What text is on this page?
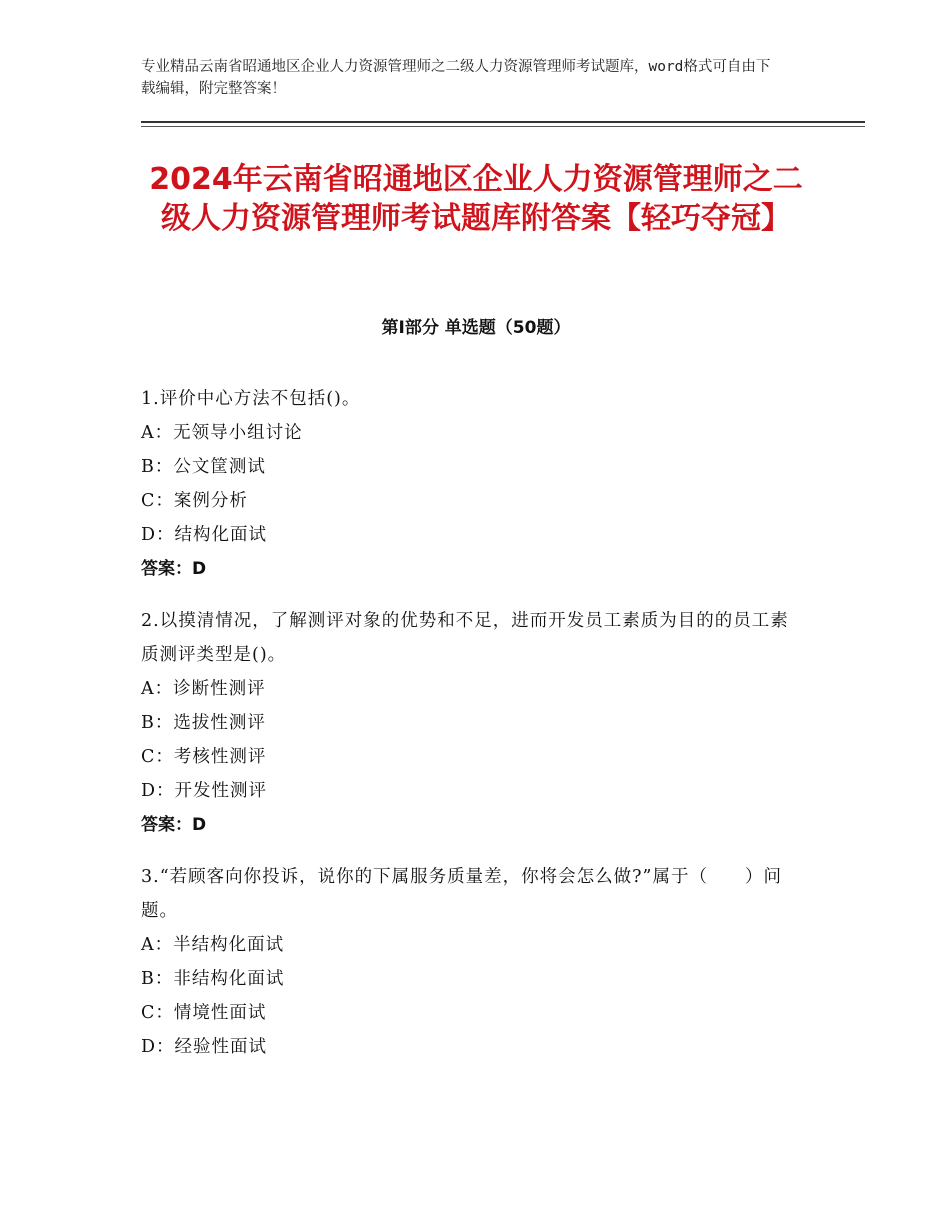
专业精品云南省昭通地区企业人力资源管理师之二级人力资源管理师考试题库，word格式可自由下载编辑，附完整答案！

2024年云南省昭通地区企业人力资源管理师之二级人力资源管理师考试题库附答案【轻巧夺冠】
第Ⅰ部分 单选题（50题）

1.评价中心方法不包括()。

A：无领导小组讨论

B：公文筐测试

C：案例分析

D：结构化面试

答案：D

2.以摸清情况，了解测评对象的优势和不足，进而开发员工素质为目的的员工素质测评类型是()。

A：诊断性测评

B：选拔性测评

C：考核性测评

D：开发性测评

答案：D

3.“若顾客向你投诉，说你的下属服务质量差，你将会怎么做?”属于（　　）问题。

A：半结构化面试

B：非结构化面试

C：情境性面试

D：经验性面试
